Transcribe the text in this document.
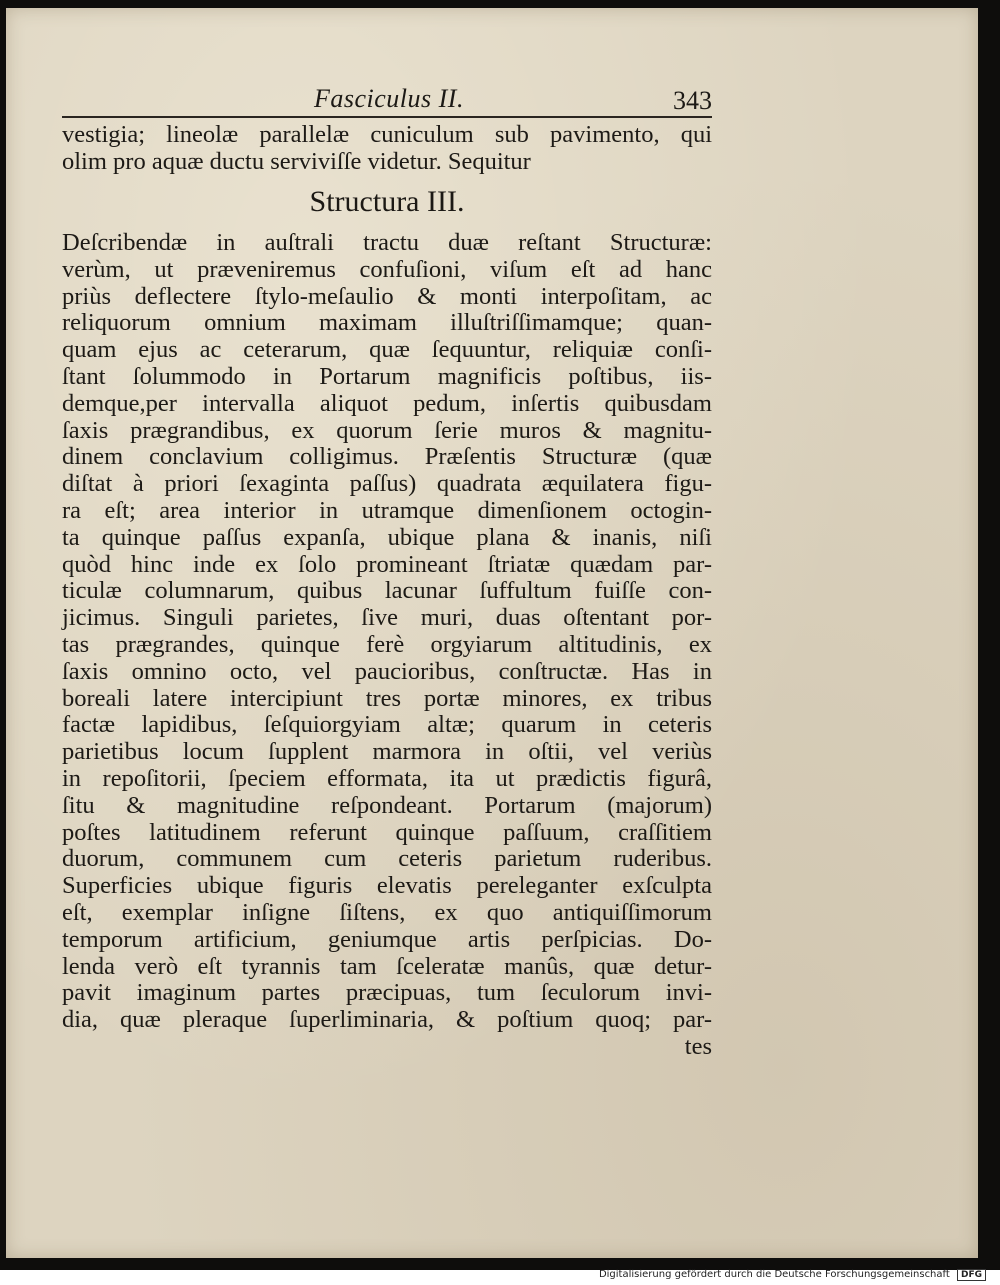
Fasciculus II.	343
vestigia; lineolæ parallelæ cuniculum sub pavimento, qui
olim pro aquæ ductu serviviſſe videtur. Sequitur
Structura III.
Deſcribendæ in auſtrali tractu duæ reſtant Structuræ:
verùm, ut præveniremus confuſioni, viſum eſt ad hanc
priùs deflectere ſtylo-meſaulio & monti interpoſitam, ac
reliquorum omnium maximam illuſtriſſimamque; quan-
quam ejus ac ceterarum, quæ ſequuntur, reliquiæ conſi-
ſtant ſolummodo in Portarum magnificis poſtibus, iis-
demque,per intervalla aliquot pedum, inſertis quibusdam
ſaxis prægrandibus, ex quorum ſerie muros & magnitu-
dinem conclavium colligimus. Præſentis Structuræ (quæ
diſtat à priori ſexaginta paſſus) quadrata æquilatera figu-
ra eſt; area interior in utramque dimenſionem octogin-
ta quinque paſſus expanſa, ubique plana & inanis, niſi
quòd hinc inde ex ſolo promineant ſtriatæ quædam par-
ticulæ columnarum, quibus lacunar ſuffultum fuiſſe con-
jicimus. Singuli parietes, ſive muri, duas oſtentant por-
tas prægrandes, quinque ferè orgyiarum altitudinis, ex
ſaxis omnino octo, vel paucioribus, conſtructæ. Has in
boreali latere intercipiunt tres portæ minores, ex tribus
factæ lapidibus, ſeſquiorgyiam altæ; quarum in ceteris
parietibus locum ſupplent marmora in oſtii, vel veriùs
in repoſitorii, ſpeciem efformata, ita ut prædictis figurâ,
ſitu & magnitudine reſpondeant. Portarum (majorum)
poſtes latitudinem referunt quinque paſſuum, craſſitiem
duorum, communem cum ceteris parietum ruderibus.
Superficies ubique figuris elevatis pereleganter exſculpta
eſt, exemplar inſigne ſiſtens, ex quo antiquiſſimorum
temporum artificium, geniumque artis perſpicias. Do-
lenda verò eſt tyrannis tam ſceleratæ manûs, quæ detur-
pavit imaginum partes præcipuas, tum ſeculorum invi-
dia, quæ pleraque ſuperliminaria, & poſtium quoq; par-
tes
Digitalisierung gefördert durch die Deutsche Forschungsgemeinschaft DFG
